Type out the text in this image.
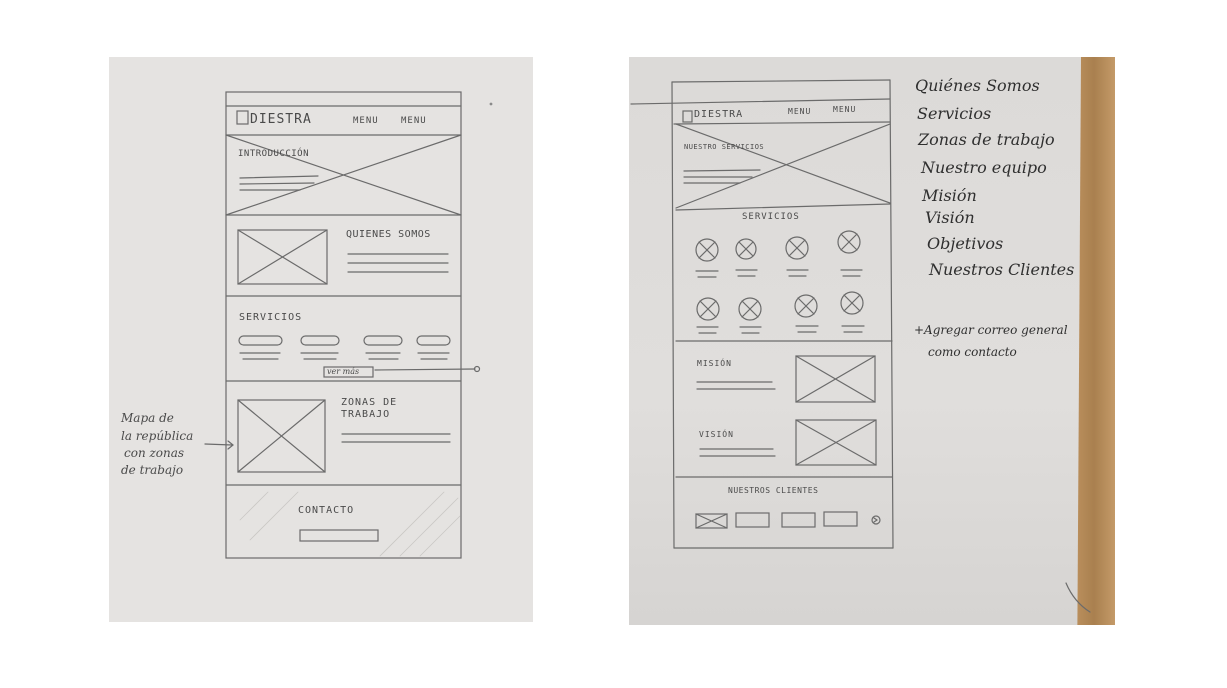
DIESTRA	MENU MENU
INTRODUCCIÓN
QUIENES SOMOS
SERVICIOS
ver más
ZONAS DE
TRABAJO
CONTACTO
Mapa de
la república
con zonas
de trabajo
DIESTRA	MENU	MENU
NUESTRO SERVICIOS
SERVICIOS
MISIÓN
VISIÓN
NUESTROS CLIENTES
Quiénes Somos
Servicios
Zonas de trabajo
Nuestro equipo
Misión
Visión
Objetivos
Nuestros Clientes
+Agregar correo general
como contacto
